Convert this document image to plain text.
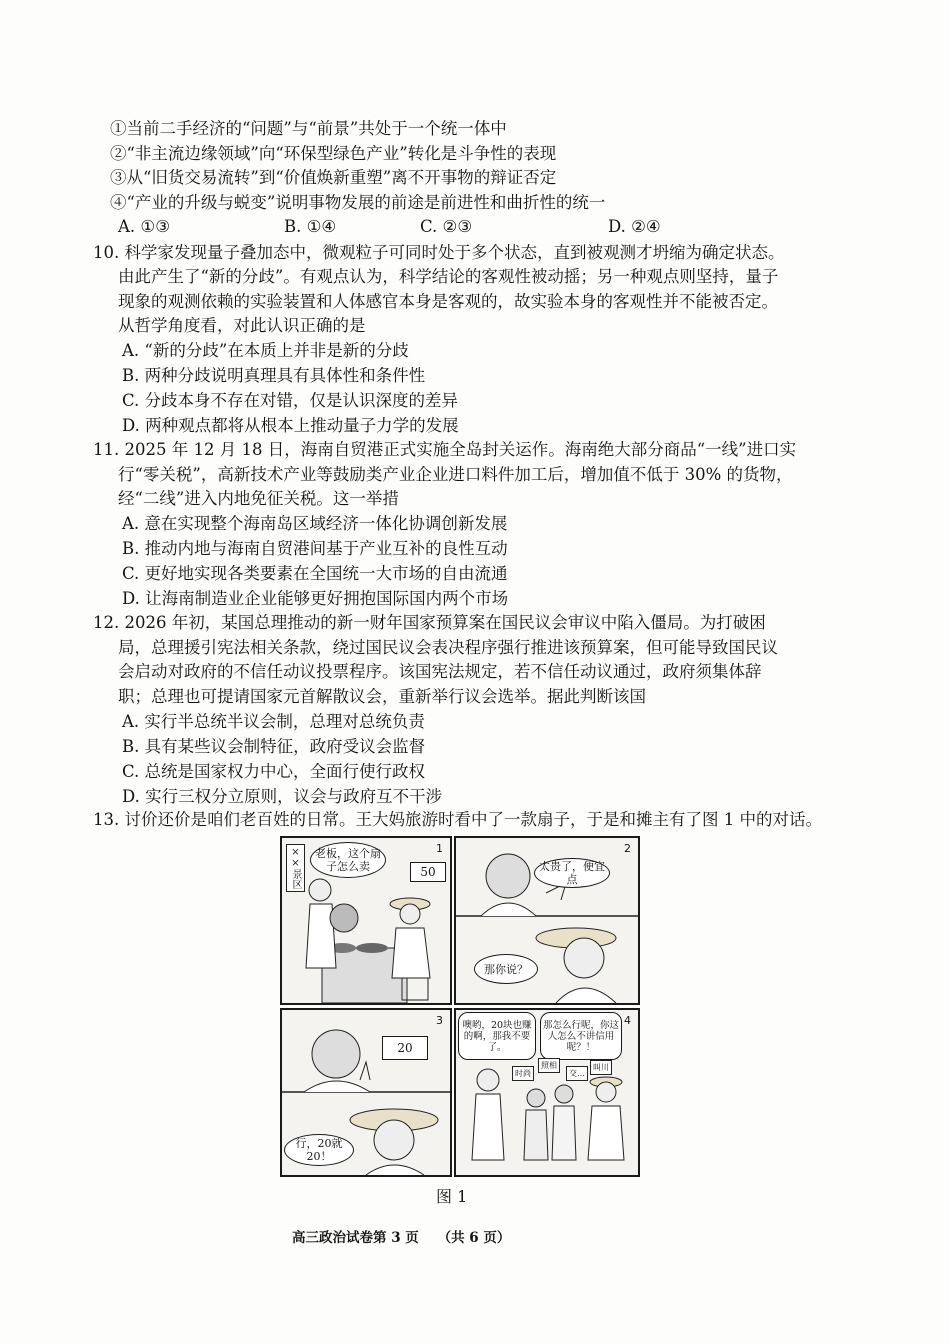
①当前二手经济的“问题”与“前景”共处于一个统一体中
②“非主流边缘领域”向“环保型绿色产业”转化是斗争性的表现
③从“旧货交易流转”到“价值焕新重塑”离不开事物的辩证否定
④“产业的升级与蜕变”说明事物发展的前途是前进性和曲折性的统一
A. ①③	B. ①④	C. ②③	D. ②④
10. 科学家发现量子叠加态中，微观粒子可同时处于多个状态，直到被观测才坍缩为确定状态。
由此产生了“新的分歧”。有观点认为，科学结论的客观性被动摇；另一种观点则坚持，量子
现象的观测依赖的实验装置和人体感官本身是客观的，故实验本身的客观性并不能被否定。
从哲学角度看，对此认识正确的是
A. “新的分歧”在本质上并非是新的分歧
B. 两种分歧说明真理具有具体性和条件性
C. 分歧本身不存在对错，仅是认识深度的差异
D. 两种观点都将从根本上推动量子力学的发展
11. 2025 年 12 月 18 日，海南自贸港正式实施全岛封关运作。海南绝大部分商品“一线”进口实
行“零关税”，高新技术产业等鼓励类产业企业进口料件加工后，增加值不低于 30% 的货物，
经“二线”进入内地免征关税。这一举措
A. 意在实现整个海南岛区域经济一体化协调创新发展
B. 推动内地与海南自贸港间基于产业互补的良性互动
C. 更好地实现各类要素在全国统一大市场的自由流通
D. 让海南制造业企业能够更好拥抱国际国内两个市场
12. 2026 年初，某国总理推动的新一财年国家预算案在国民议会审议中陷入僵局。为打破困
局，总理援引宪法相关条款，绕过国民议会表决程序强行推进该预算案，但可能导致国民议
会启动对政府的不信任动议投票程序。该国宪法规定，若不信任动议通过，政府须集体辞
职；总理也可提请国家元首解散议会，重新举行议会选举。据此判断该国
A. 实行半总统半议会制，总理对总统负责
B. 具有某些议会制特征，政府受议会监督
C. 总统是国家权力中心，全面行使行政权
D. 实行三权分立原则，议会与政府互不干涉
13. 讨价还价是咱们老百姓的日常。王大妈旅游时看中了一款扇子，于是和摊主有了图 1 中的对话。
××景区	老板，这个扇子怎么卖	50
1
太贵了，便宜点
那你说？
2
20
行，20就20！
3	噢哟，20块也赚的啊，那我不要了。
那怎么行呢，你这人怎么不讲信用呢？！
4
时尚
照相
交…
叫川
图 1
高三政治试卷第 3 页    （共 6 页）
